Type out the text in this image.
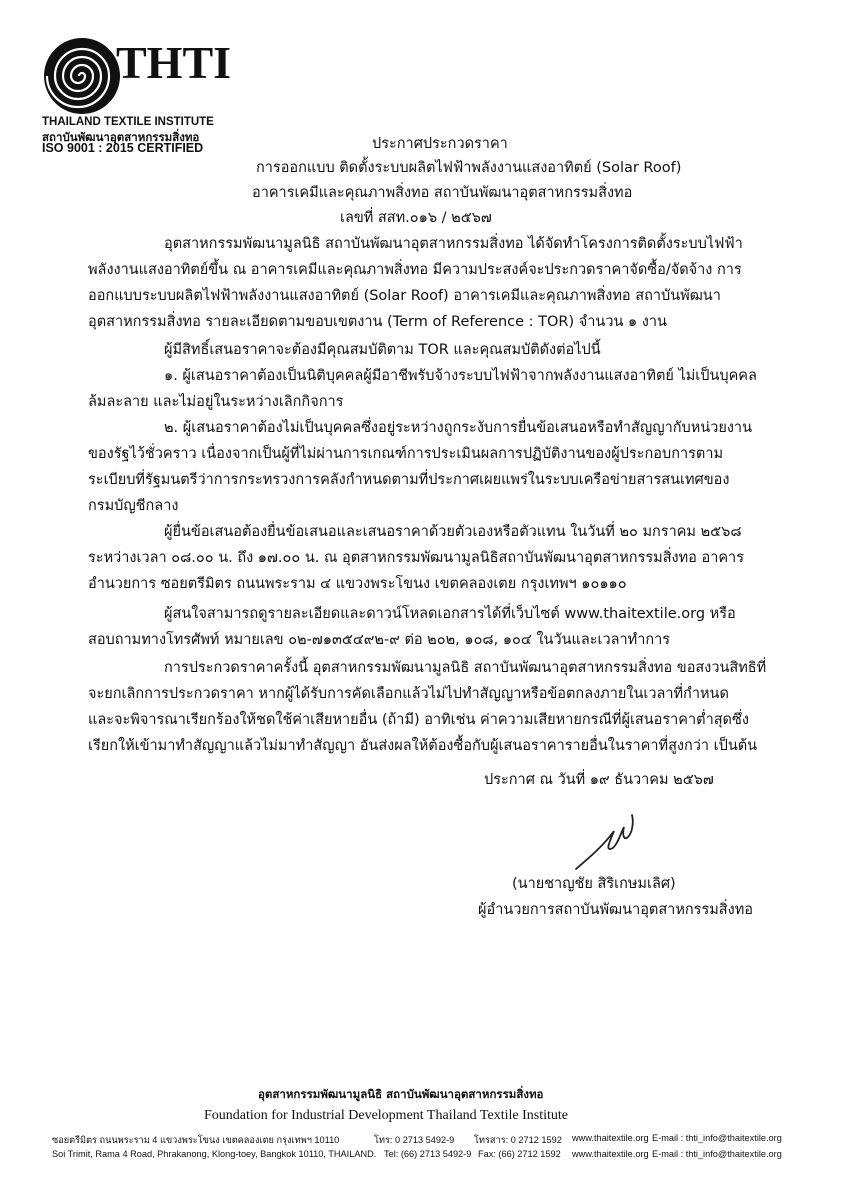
THTI
THAILAND TEXTILE INSTITUTE
สถาบันพัฒนาอุตสาหกรรมสิ่งทอ
ISO 9001 : 2015 CERTIFIED	ประกาศประกวดราคา
การออกแบบ ติดตั้งระบบผลิตไฟฟ้าพลังงานแสงอาทิตย์ (Solar Roof)
อาคารเคมีและคุณภาพสิ่งทอ สถาบันพัฒนาอุตสาหกรรมสิ่งทอ
เลขที่ สสท.๐๑๖ / ๒๕๖๗
อุตสาหกรรมพัฒนามูลนิธิ สถาบันพัฒนาอุตสาหกรรมสิ่งทอ ได้จัดทำโครงการติดตั้งระบบไฟฟ้า
พลังงานแสงอาทิตย์ขึ้น ณ อาคารเคมีและคุณภาพสิ่งทอ มีความประสงค์จะประกวดราคาจัดซื้อ/จัดจ้าง การ
ออกแบบระบบผลิตไฟฟ้าพลังงานแสงอาทิตย์ (Solar Roof) อาคารเคมีและคุณภาพสิ่งทอ สถาบันพัฒนา
อุตสาหกรรมสิ่งทอ รายละเอียดตามขอบเขตงาน (Term of Reference : TOR) จำนวน ๑ งาน
ผู้มีสิทธิ์เสนอราคาจะต้องมีคุณสมบัติตาม TOR และคุณสมบัติดังต่อไปนี้
๑. ผู้เสนอราคาต้องเป็นนิติบุคคลผู้มีอาชีพรับจ้างระบบไฟฟ้าจากพลังงานแสงอาทิตย์ ไม่เป็นบุคคล
ล้มละลาย และไม่อยู่ในระหว่างเลิกกิจการ
๒. ผู้เสนอราคาต้องไม่เป็นบุคคลซึ่งอยู่ระหว่างถูกระงับการยื่นข้อเสนอหรือทำสัญญากับหน่วยงาน
ของรัฐไว้ชั่วคราว เนื่องจากเป็นผู้ที่ไม่ผ่านการเกณฑ์การประเมินผลการปฏิบัติงานของผู้ประกอบการตาม
ระเบียบที่รัฐมนตรีว่าการกระทรวงการคลังกำหนดตามที่ประกาศเผยแพร่ในระบบเครือข่ายสารสนเทศของ
กรมบัญชีกลาง
ผู้ยื่นข้อเสนอต้องยื่นข้อเสนอและเสนอราคาด้วยตัวเองหรือตัวแทน ในวันที่ ๒๐ มกราคม ๒๕๖๘
ระหว่างเวลา ๐๘.๐๐ น. ถึง ๑๗.๐๐ น. ณ อุตสาหกรรมพัฒนามูลนิธิสถาบันพัฒนาอุตสาหกรรมสิ่งทอ อาคาร
อำนวยการ ซอยตรีมิตร ถนนพระราม ๔ แขวงพระโขนง เขตคลองเตย กรุงเทพฯ ๑๐๑๑๐
ผู้สนใจสามารถดูรายละเอียดและดาวน์โหลดเอกสารได้ที่เว็บไซต์ www.thaitextile.org หรือ
สอบถามทางโทรศัพท์ หมายเลข ๐๒-๗๑๓๕๔๙๒-๙ ต่อ ๒๐๒, ๑๐๘, ๑๐๔ ในวันและเวลาทำการ
การประกวดราคาครั้งนี้ อุตสาหกรรมพัฒนามูลนิธิ สถาบันพัฒนาอุตสาหกรรมสิ่งทอ ขอสงวนสิทธิที่
จะยกเลิกการประกวดราคา หากผู้ได้รับการคัดเลือกแล้วไม่ไปทำสัญญาหรือข้อตกลงภายในเวลาที่กำหนด
และจะพิจารณาเรียกร้องให้ชดใช้ค่าเสียหายอื่น (ถ้ามี) อาทิเช่น ค่าความเสียหายกรณีที่ผู้เสนอราคาต่ำสุดซึ่ง
เรียกให้เข้ามาทำสัญญาแล้วไม่มาทำสัญญา อันส่งผลให้ต้องซื้อกับผู้เสนอราคารายอื่นในราคาที่สูงกว่า เป็นต้น
ประกาศ ณ วันที่ ๑๙ ธันวาคม ๒๕๖๗
(นายชาญชัย สิริเกษมเลิศ)
ผู้อำนวยการสถาบันพัฒนาอุตสาหกรรมสิ่งทอ
อุตสาหกรรมพัฒนามูลนิธิ สถาบันพัฒนาอุตสาหกรรมสิ่งทอ
Foundation for Industrial Development Thailand Textile Institute
ซอยตรีมิตร ถนนพระราม 4 แขวงพระโขนง เขตคลองเตย กรุงเทพฯ 10110	โทร: 0 2713 5492-9 โทรสาร: 0 2712 1592 www.thaitextile.org E-mail : thti_info@thaitextile.org
Soi Trimit, Rama 4 Road, Phrakanong, Klong-toey, Bangkok 10110, THAILAND. Tel: (66) 2713 5492-9 Fax: (66) 2712 1592 www.thaitextile.org E-mail : thti_info@thaitextile.org
